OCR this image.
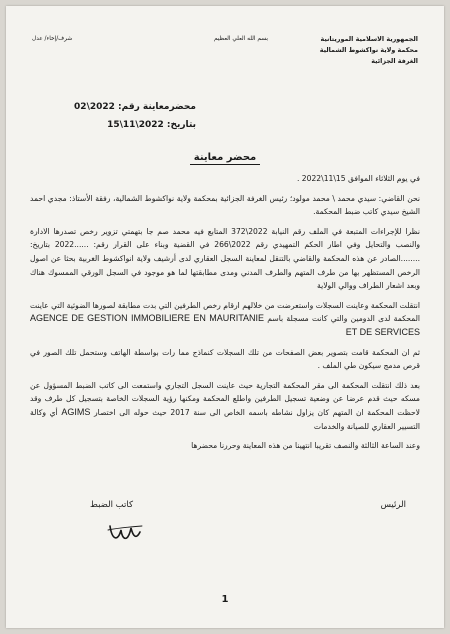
الجمهورية الاسلامية الموريتانية
محكمة ولاية نواكشوط الشمالية
الغرفة الجزائية
بسم الله العلي العظيم
شرف/إخاء/ عدل
محضرمعاينة رقم: 2022\02
بتاريخ: 2022\11\15
محضر معاينة

في يوم الثلاثاء الموافق 15\11\2022 .

نحن القاضي: سيدي محمد \ محمد مولود؛ رئيس الغرفة الجزائية بمحكمة ولاية نواكشوط الشمالية، رفقة الأستاذ: مجدي احمد الشيخ سيدي كاتب ضبط المحكمة.

نظرا للإجراءات المتبعة في الملف رقم النيابة 2022\372 المتابع فيه محمد صم جا بتهمتي تزوير رخص تصدرها الادارة والنصب والتحايل وفي اطار الحكم التمهيدي رقم 2022\266 في القضية وبناء على القرار رقم: ......2022 بتاريخ: ........الصادر عن هذه المحكمة والقاضي بالتنقل لمعاينة السجل العقاري لدى أرشيف ولاية انواكشوط الغربية بحثا عن اصول الرخص المستظهر بها من طرف المتهم والطرف المدني ومدى مطابقتها لما هو موجود في السجل الورقي الممسوك هناك وبعد اشعار الطراف ووالي الولاية

انتقلت المحكمة وعاينت السجلات واستعرضت من خلالهم ارقام رخص الطرفين التي بدت مطابقة لصورها الضوئية التي عاينت المحكمة لدى الدومين والتي كانت مسجلة باسم AGENCE DE GESTION IMMOBILIERE EN MAURITANIE ET DE SERVICES

ثم ان المحكمة قامت بتصوير بعض الصفحات من تلك السجلات كنماذج مما رات بواسطة الهاتف وستحمل تلك الصور في قرص مدمج سيكون طي الملف .

بعد ذلك انتقلت المحكمة الى مقر المحكمة التجارية حيث عاينت السجل التجاري واستمعت الى كاتب الضبط المسؤول عن مسكه حيث قدم عرضا عن وضعية تسجيل الطرفين واطلع المحكمة ومكنها رؤية السجلات الخاصة بتسجيل كل طرف وقد لاحظت المحكمة ان المتهم كان يزاول نشاطه باسمه الخاص الى سنة 2017 حيث حوله الى اختصار AGIMS أي وكالة التسيير العقاري للصيانة والخدمات

وعند الساعة الثالثة والنصف تقريبا انتهينا من هذه المعاينة وحررنا محضرها

الرئيس
كاتب الضبط
1
